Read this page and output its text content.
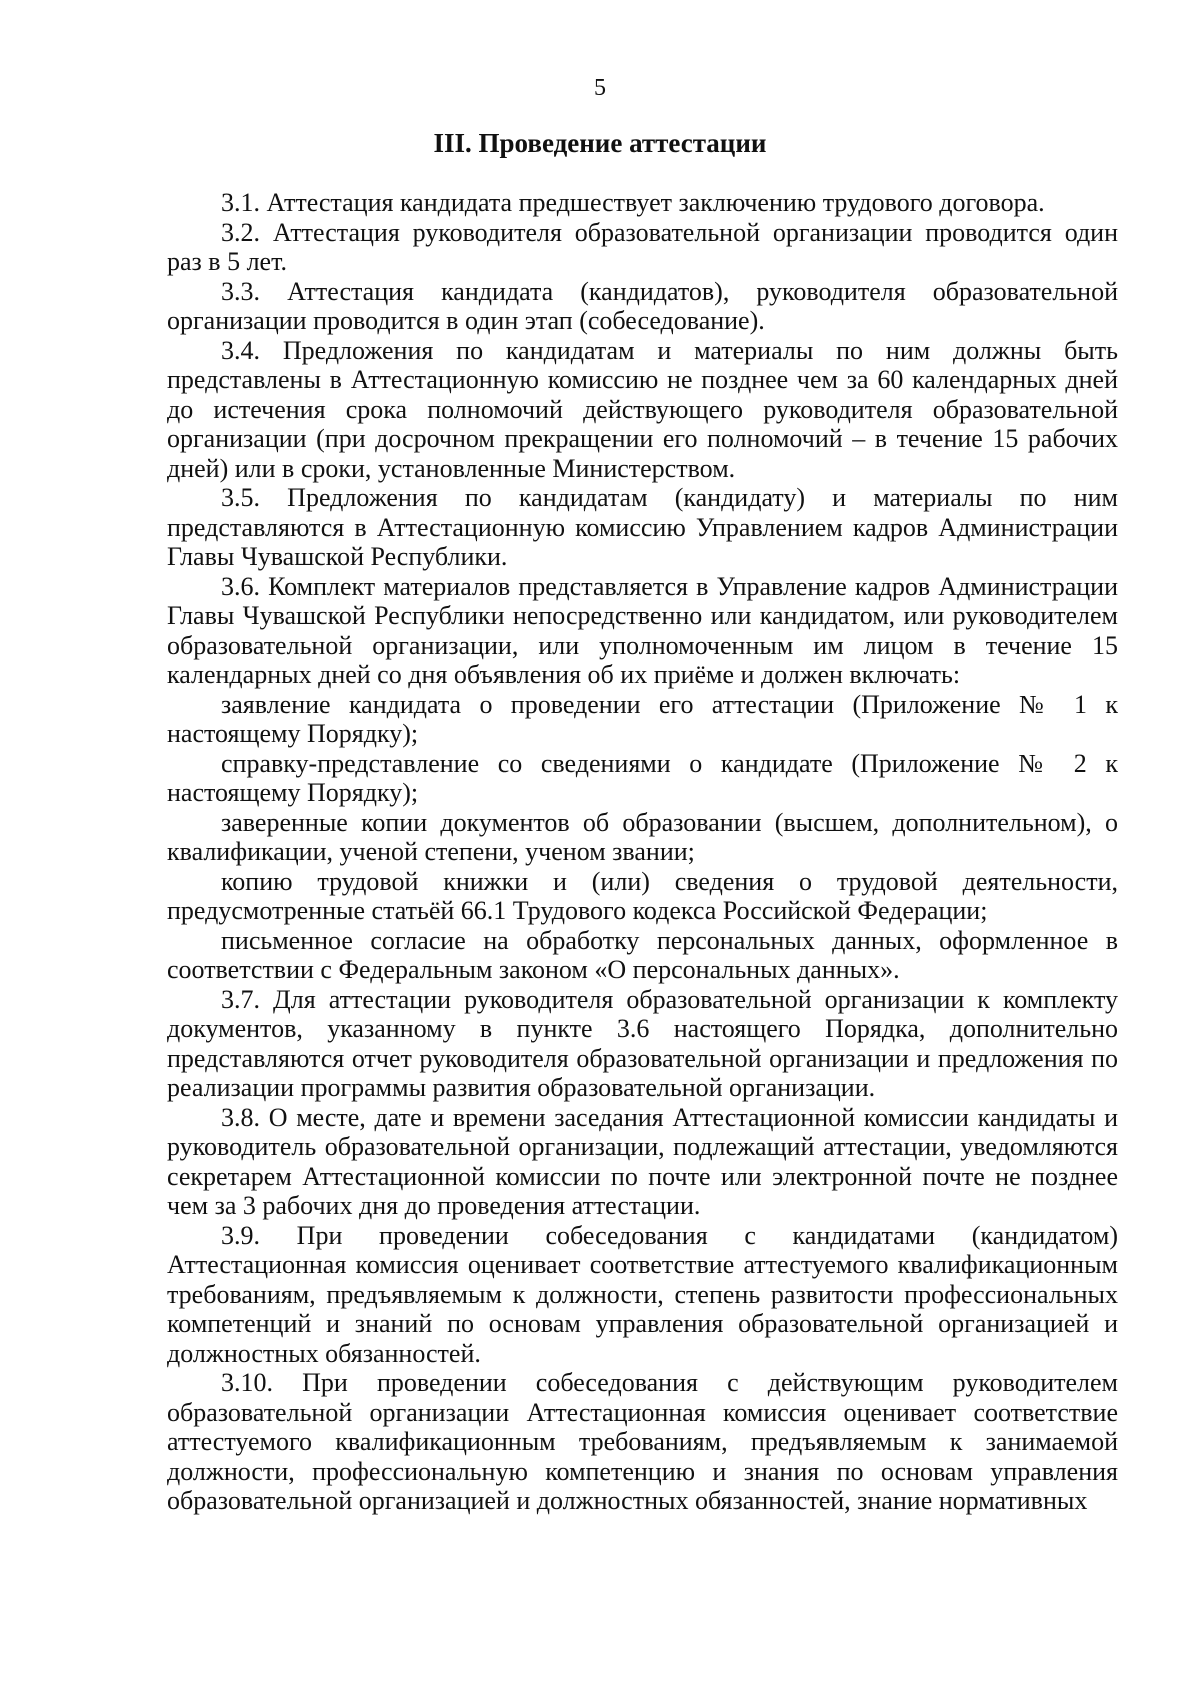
5
III. Проведение аттестации

3.1. Аттестация кандидата предшествует заключению трудового договора.

3.2. Аттестация руководителя образовательной организации проводится один раз в 5 лет.

3.3. Аттестация кандидата (кандидатов), руководителя образовательной организации проводится в один этап (собеседование).

3.4. Предложения по кандидатам и материалы по ним должны быть представлены в Аттестационную комиссию не позднее чем за 60 календарных дней до истечения срока полномочий действующего руководителя образовательной организации (при досрочном прекращении его полномочий – в течение 15 рабочих дней) или в сроки, установленные Министерством.

3.5. Предложения по кандидатам (кандидату) и материалы по ним представляются в Аттестационную комиссию Управлением кадров Администрации Главы Чувашской Республики.

3.6. Комплект материалов представляется в Управление кадров Администрации Главы Чувашской Республики непосредственно или кандидатом, или руководителем образовательной организации, или уполномоченным им лицом в течение 15 календарных дней со дня объявления об их приёме и должен включать:

заявление кандидата о проведении его аттестации (Приложение № 1 к настоящему Порядку);

справку-представление со сведениями о кандидате (Приложение № 2 к настоящему Порядку);

заверенные копии документов об образовании (высшем, дополнительном), о квалификации, ученой степени, ученом звании;

копию трудовой книжки и (или) сведения о трудовой деятельности, предусмотренные статьёй 66.1 Трудового кодекса Российской Федерации;

письменное согласие на обработку персональных данных, оформленное в соответствии с Федеральным законом «О персональных данных».

3.7. Для аттестации руководителя образовательной организации к комплекту документов, указанному в пункте 3.6 настоящего Порядка, дополнительно представляются отчет руководителя образовательной организации и предложения по реализации программы развития образовательной организации.

3.8. О месте, дате и времени заседания Аттестационной комиссии кандидаты и руководитель образовательной организации, подлежащий аттестации, уведомляются секретарем Аттестационной комиссии по почте или электронной почте не позднее чем за 3 рабочих дня до проведения аттестации.

3.9. При проведении собеседования с кандидатами (кандидатом) Аттестационная комиссия оценивает соответствие аттестуемого квалификационным требованиям, предъявляемым к должности, степень развитости профессиональных компетенций и знаний по основам управления образовательной организацией и должностных обязанностей.

3.10. При проведении собеседования с действующим руководителем образовательной организации Аттестационная комиссия оценивает соответствие аттестуемого квалификационным требованиям, предъявляемым к занимаемой должности, профессиональную компетенцию и знания по основам управления образовательной организацией и должностных обязанностей, знание нормативных
